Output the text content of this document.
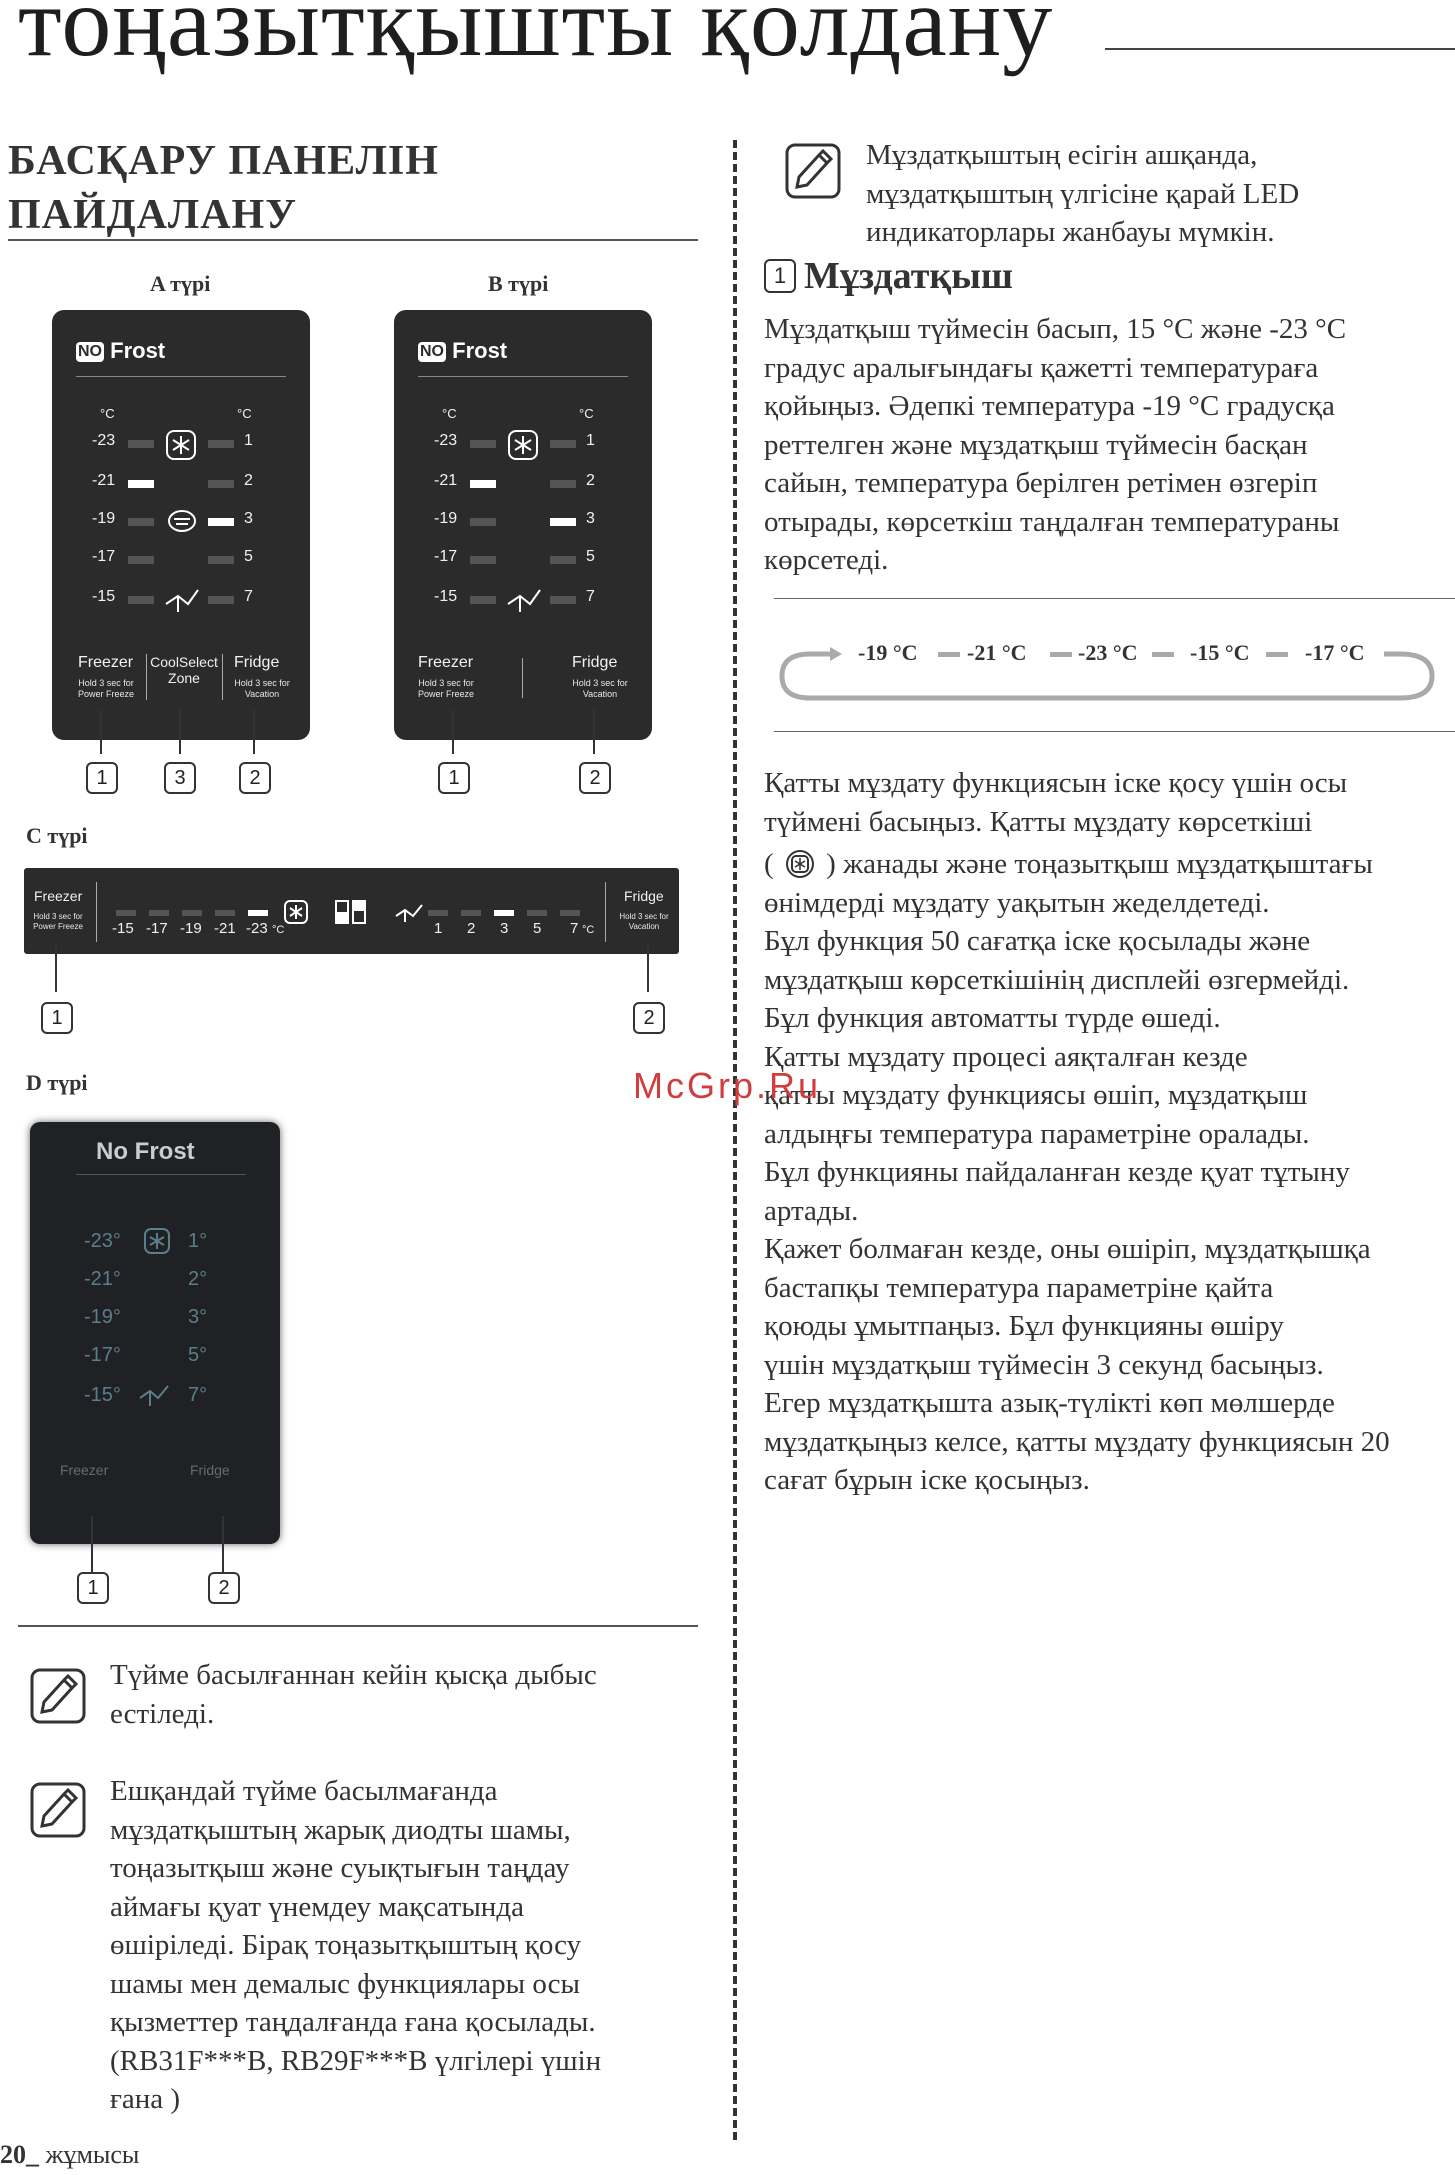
тоңазытқышты қолдану
БАСҚАРУ ПАНЕЛІН
ПАЙДАЛАНУ
A түрі	B түрі
NO Frost
°C	°C
-23
-21
-19
-17
-15
1
2
3
5
7
Freezer
Hold 3 sec for
Power Freeze
CoolSelect
Zone
Fridge
Hold 3 sec for
Vacation
1	3	2
NO Frost
°C	°C
-23
-21
-19
-17
-15
1
2
3
5
7
Freezer
Hold 3 sec for
Power Freeze
Fridge
Hold 3 sec for
Vacation
1	2
C түрі
Freezer
Hold 3 sec for
Power Freeze	-15 -17 -19 -21 -23 °C	1 2 3 5 7 °C
Fridge
Hold 3 sec for
Vacation
1	2
D түрі
No Frost
-23°
-21°
-19°
-17°
-15°
1°
2°
3°
5°
7°
Freezer	Fridge
1	2
Түйме басылғаннан кейін қысқа дыбыс
естіледі.
Ешқандай түйме басылмағанда
мұздатқыштың жарық диодты шамы,
тоңазытқыш және суықтығын таңдау
аймағы қуат үнемдеу мақсатында
өшіріледі. Бірақ тоңазытқыштың қосу
шамы мен демалыс функциялары осы
қызметтер таңдалғанда ғана қосылады.
(RB31F***B, RB29F***B үлгілері үшін
ғана )
Мұздатқыштың есігін ашқанда,
мұздатқыштың үлгісіне қарай LED
индикаторлары жанбауы мүмкін.
1 Мұздатқыш
Мұздатқыш түймесін басып, 15 °C және -23 °C
градус аралығындағы қажетті температураға
қойыңыз. Әдепкі температура -19 °C градусқа
реттелген және мұздатқыш түймесін басқан
сайын, температура берілген ретімен өзгеріп
отырады, көрсеткіш таңдалған температураны
көрсетеді.
-19 °C -21 °C -23 °C -15 °C	-17 °C
Қатты мұздату функциясын іске қосу үшін осы
түймені басыңыз. Қатты мұздату көрсеткіші
( ) жанады және тоңазытқыш мұздатқыштағы
өнімдерді мұздату уақытын жеделдетеді.
Бұл функция 50 сағатқа іске қосылады және
мұздатқыш көрсеткішінің дисплейі өзгермейді.
Бұл функция автоматты түрде өшеді.
Қатты мұздату процесі аяқталған кезде
қатты мұздату функциясы өшіп, мұздатқыш
алдыңғы температура параметріне оралады.
Бұл функцияны пайдаланған кезде қуат тұтыну
артады.
Қажет болмаған кезде, оны өшіріп, мұздатқышқа
бастапқы температура параметріне қайта
қоюды ұмытпаңыз. Бұл функцияны өшіру
үшін мұздатқыш түймесін 3 секунд басыңыз.
Егер мұздатқышта азық-түлікті көп мөлшерде
мұздатқыңыз келсе, қатты мұздату функциясын 20
сағат бұрын іске қосыңыз.
McGrp.Ru
20_ жұмысы
